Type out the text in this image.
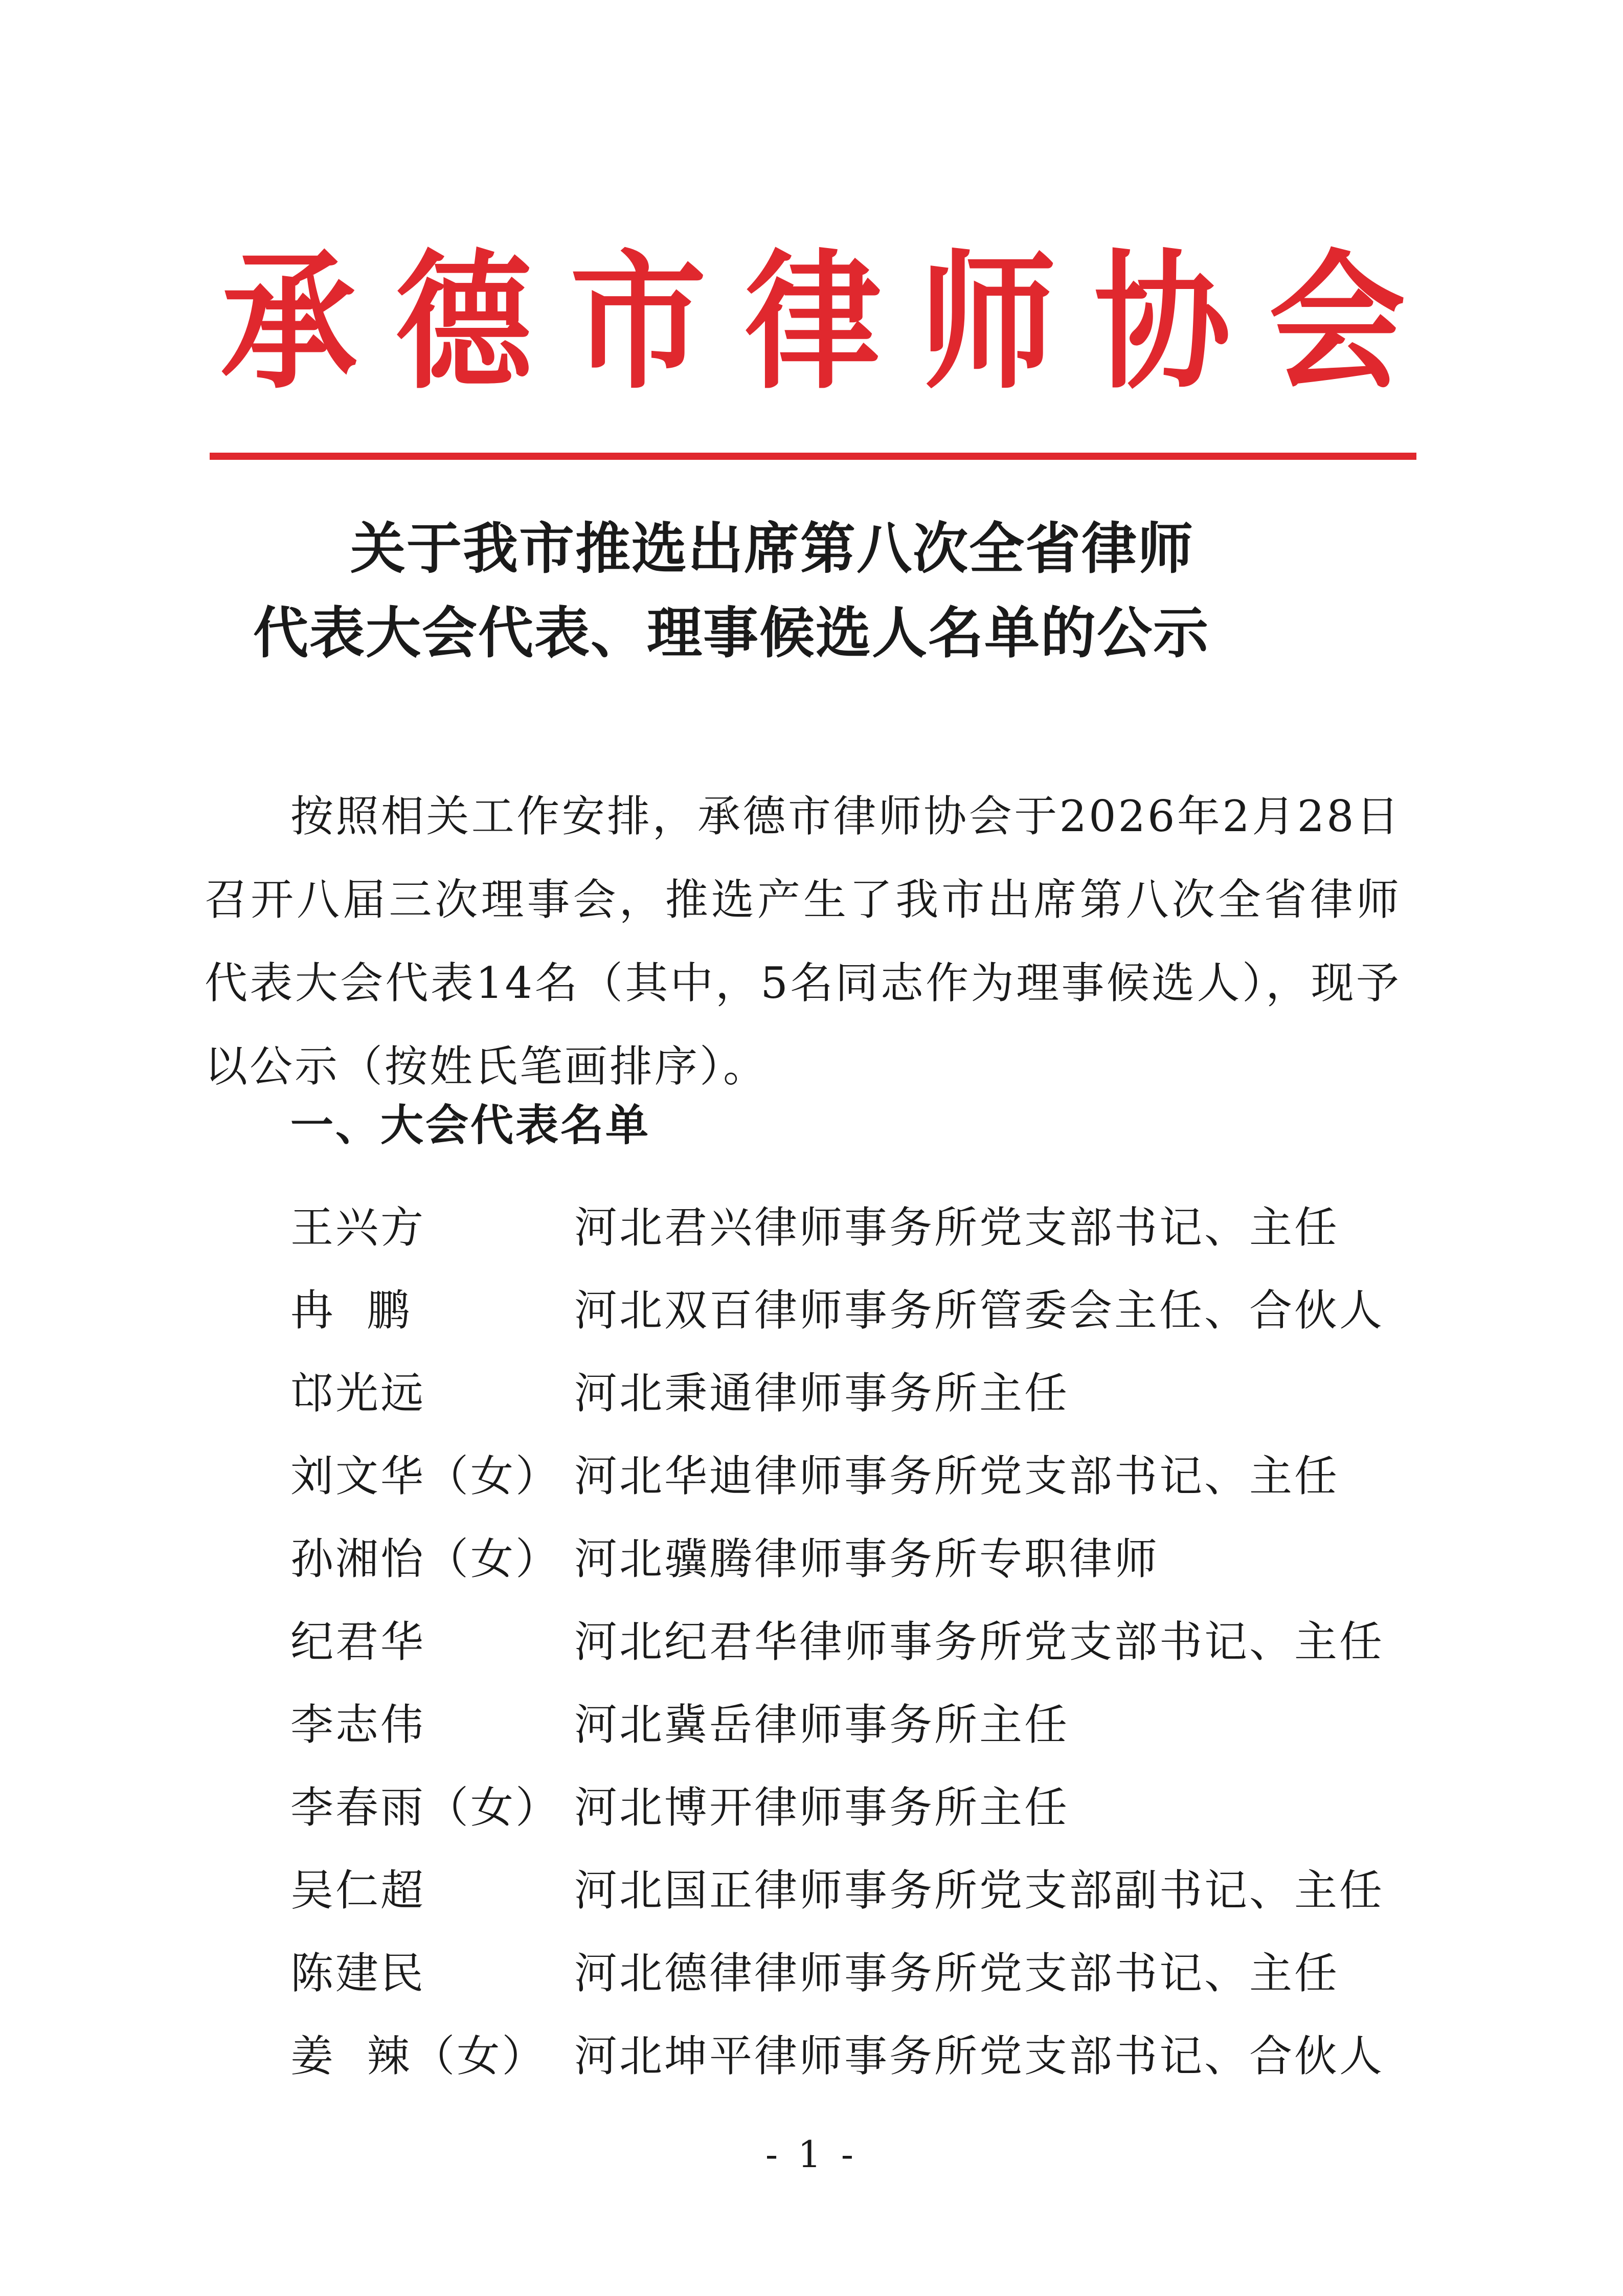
承 德 市 律 师 协 会
关于我市推选出席第八次全省律师
代表大会代表、理事候选人名单的公示

按照相关工作安排，承德市律师协会于2026年2月28日召开八届三次理事会，推选产生了我市出席第八次全省律师代表大会代表14名（其中，5名同志作为理事候选人），现予以公示（按姓氏笔画排序）。

一、大会代表名单
王兴方	河北君兴律师事务所党支部书记、主任
冉  鹏	河北双百律师事务所管委会主任、合伙人
邙光远	河北秉通律师事务所主任
刘文华（女） 河北华迪律师事务所党支部书记、主任
孙湘怡（女） 河北骥腾律师事务所专职律师
纪君华	河北纪君华律师事务所党支部书记、主任
李志伟	河北冀岳律师事务所主任
李春雨（女） 河北博开律师事务所主任
吴仁超	河北国正律师事务所党支部副书记、主任
陈建民	河北德律律师事务所党支部书记、主任
姜  辣（女） 河北坤平律师事务所党支部书记、合伙人
- 1 -
